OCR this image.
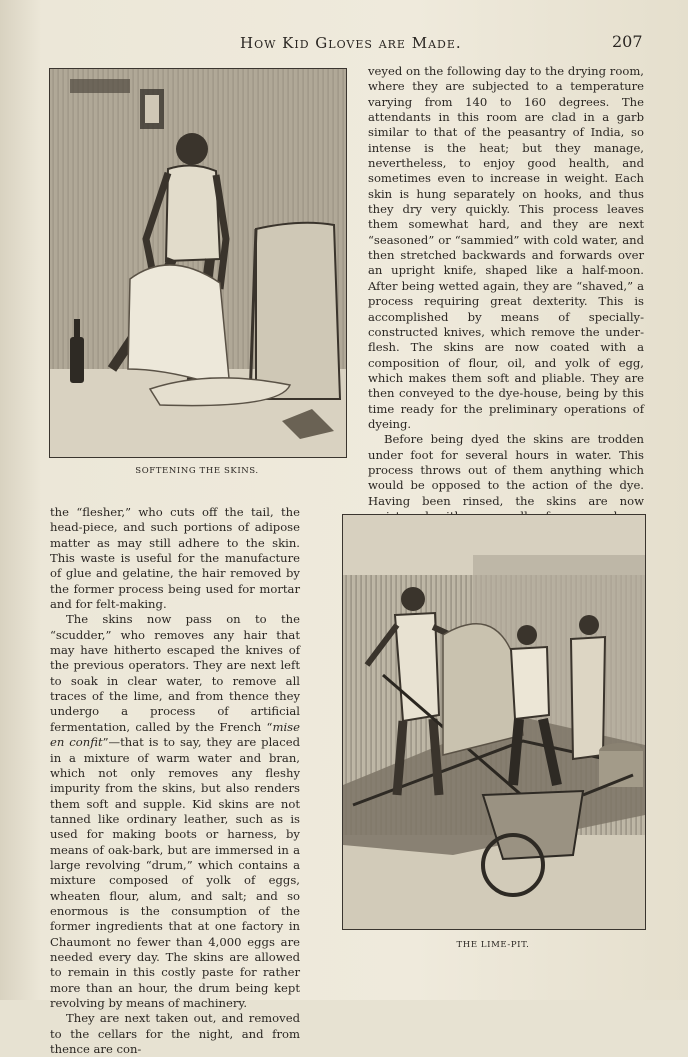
How Kid Gloves are Made.	207
SOFTENING THE SKINS.

veyed on the following day to the drying room, where they are subjected to a temperature varying from 140 to 160 degrees. The attendants in this room are clad in a garb similar to that of the peasantry of India, so intense is the heat; but they manage, nevertheless, to enjoy good health, and sometimes even to increase in weight. Each skin is hung separately on hooks, and thus they dry very quickly. This process leaves them somewhat hard, and they are next “seasoned” or “sammied” with cold water, and then stretched backwards and forwards over an upright knife, shaped like a half-moon. After being wetted again, they are “shaved,” a process requiring great dexterity. This is accomplished by means of specially-constructed knives, which remove the under-flesh. The skins are now coated with a composition of flour, oil, and yolk of egg, which makes them soft and pliable. They are then conveyed to the dye-house, being by this time ready for the preliminary operations of dyeing.

Before being dyed the skins are trodden under foot for several hours in water. This process throws out of them anything which would be opposed to the action of the dye. Having been rinsed, the skins are now

the “flesher,” who cuts off the tail, the head-piece, and such portions of adipose matter as may still adhere to the skin. This waste is useful for the manufacture of glue and gelatine, the hair removed by the former process being used for mortar and for felt-making.

The skins now pass on to the “scudder,” who removes any hair that may have hitherto escaped the knives of the previous operators. They are next left to soak in clear water, to remove all traces of the lime, and from thence they undergo a process of artificial fermentation, called by the French “mise en confit”—that is to say, they are placed in a mixture of warm water and bran, which not only removes any fleshy impurity from the skins, but also renders them soft and supple. Kid skins are not tanned like ordinary leather, such as is used for making boots or harness, by means of oak-bark, but are immersed in a large revolving “drum,” which contains a mixture composed of yolk of eggs, wheaten flour, alum, and salt; and so enormous is the consumption of the former ingredients that at one factory in Chaumont no fewer than 4,000 eggs are needed every day. The skins are allowed to remain in this costly paste for rather more than an hour, the drum being kept revolving by means of machinery.

They are next taken out, and removed to the cellars for the night, and from thence are con-

THE LIME-PIT.
